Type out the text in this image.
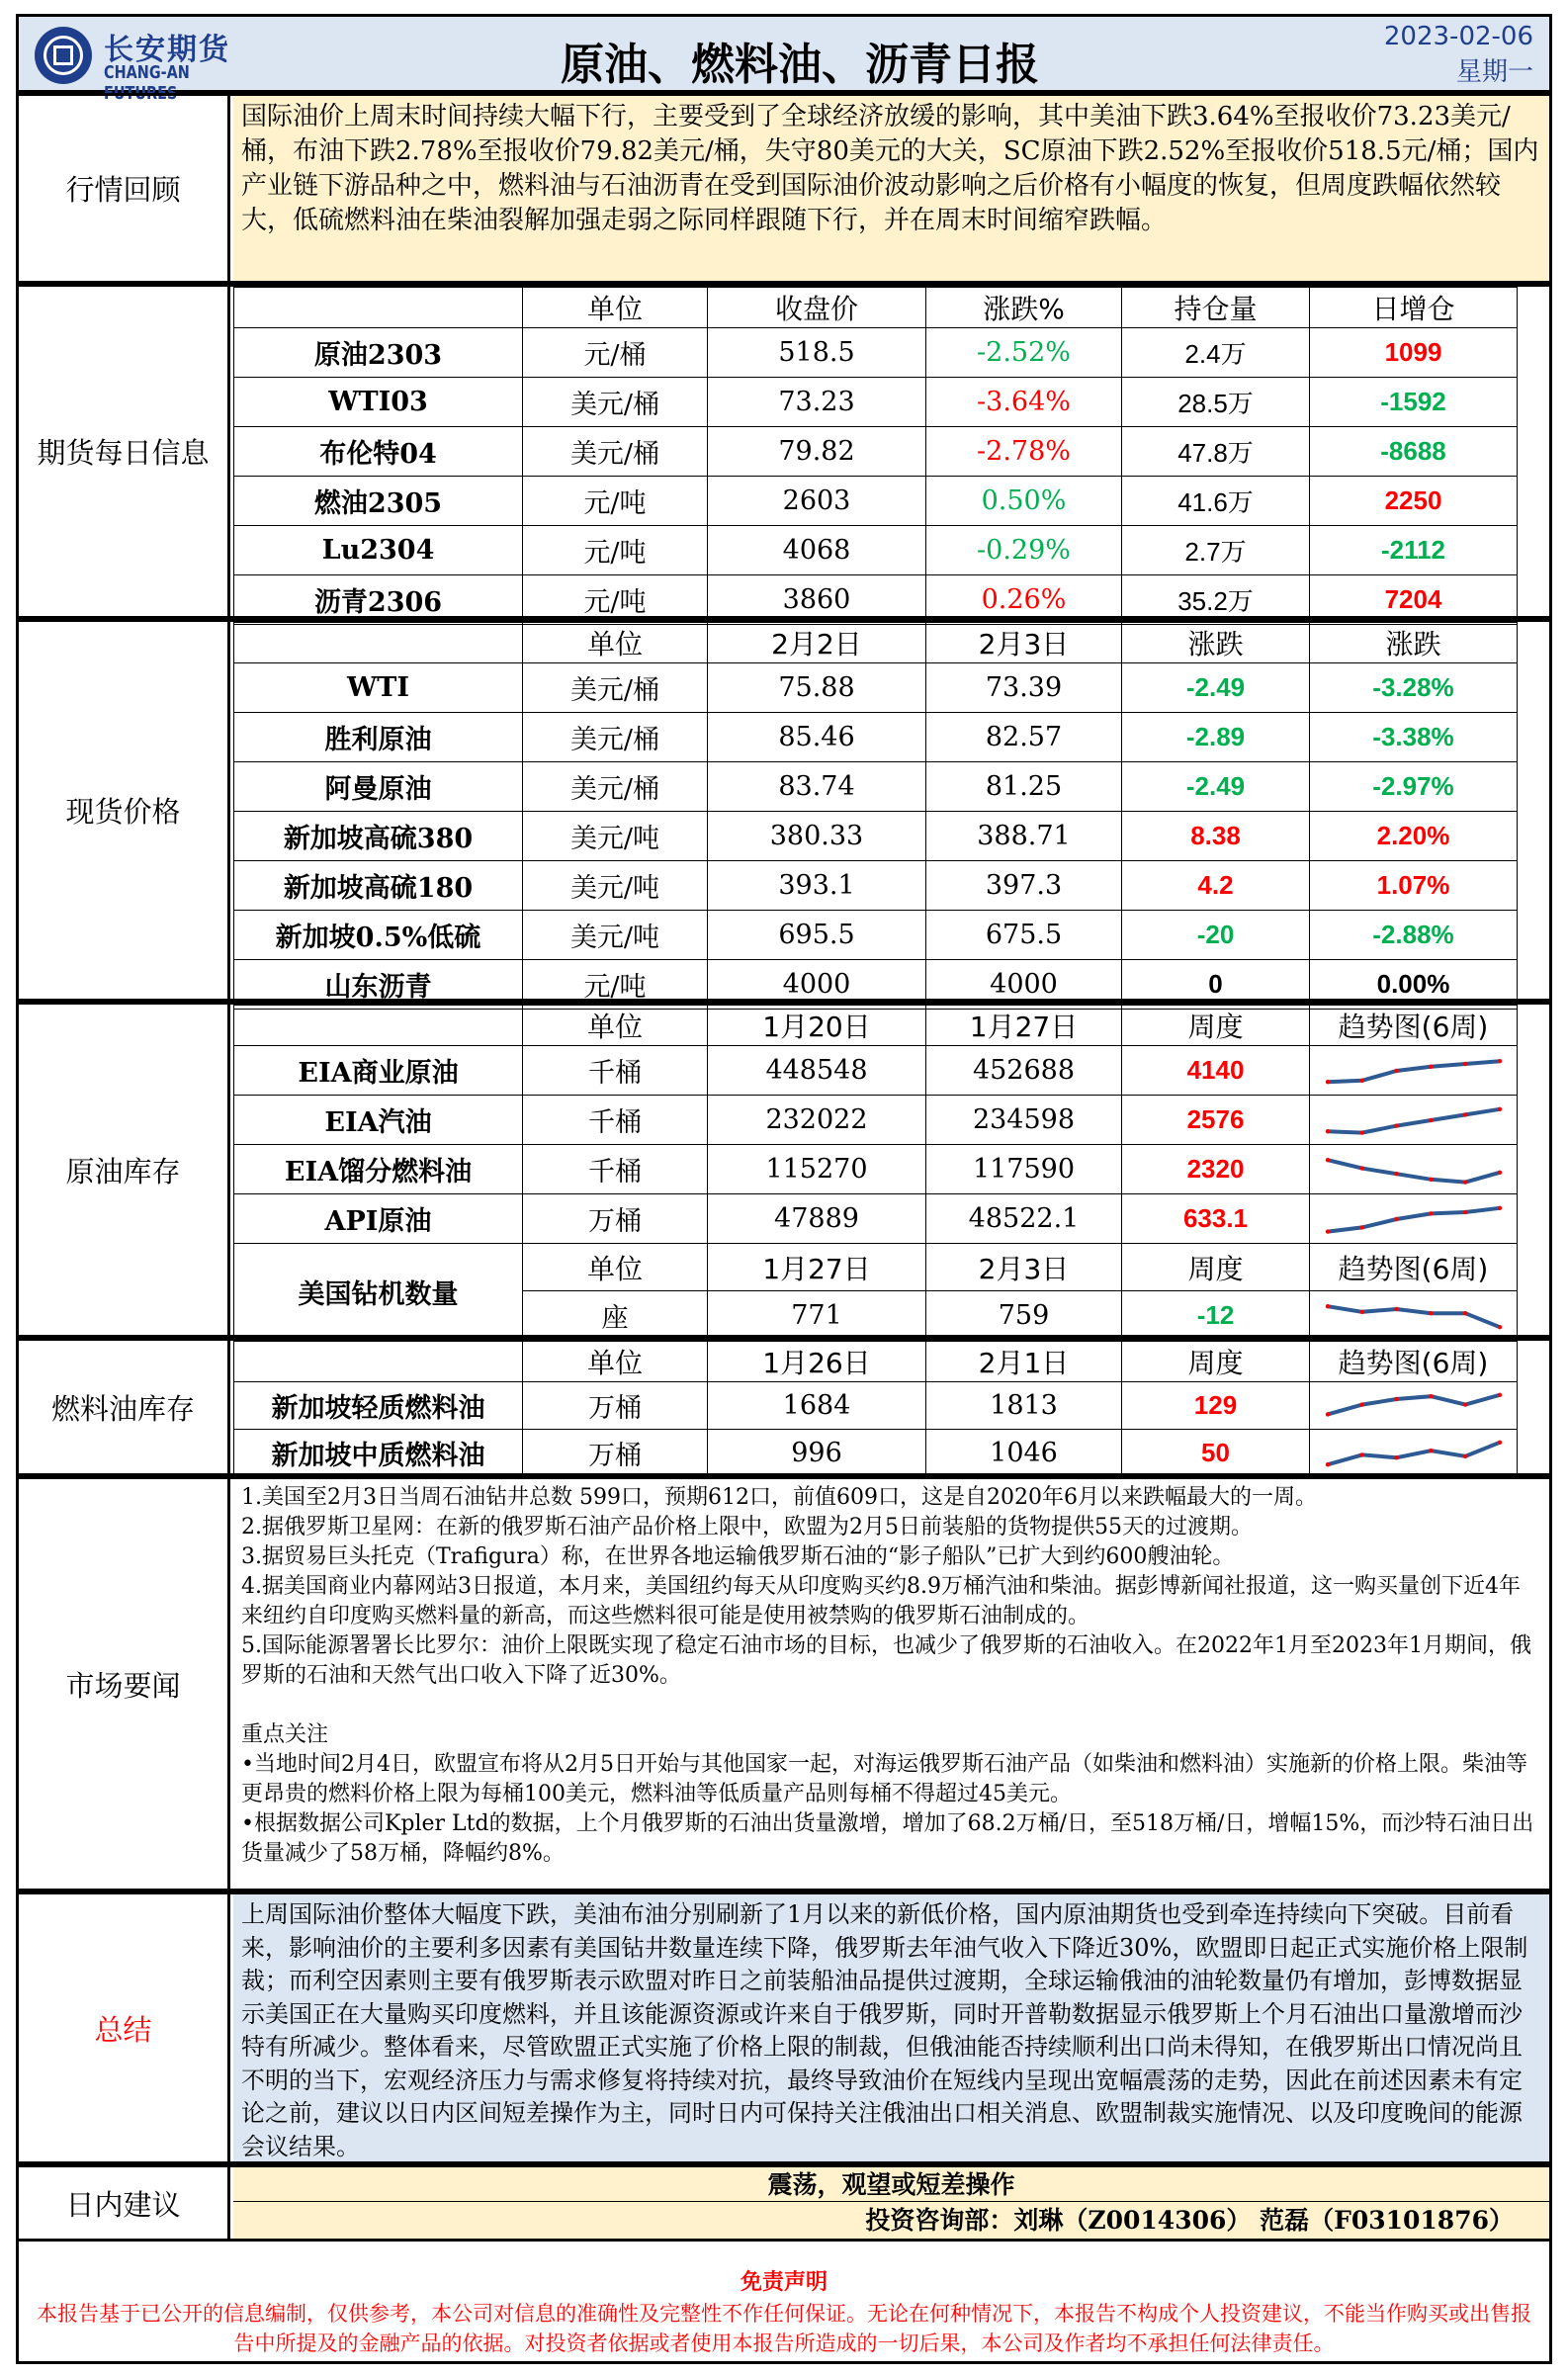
长安期货
CHANG-AN FUTURES
原油、燃料油、沥青日报
2023-02-06
星期一
行情回顾
国际油价上周末时间持续大幅下行，主要受到了全球经济放缓的影响，其中美油下跌3.64%至报收价73.23美元/桶，布油下跌2.78%至报收价79.82美元/桶，失守80美元的大关，SC原油下跌2.52%至报收价518.5元/桶；国内产业链下游品种之中，燃料油与石油沥青在受到国际油价波动影响之后价格有小幅度的恢复，但周度跌幅依然较大，低硫燃料油在柴油裂解加强走弱之际同样跟随下行，并在周末时间缩窄跌幅。
期货每日信息
	单位	收盘价	涨跌%	持仓量	日增仓
原油2303	元/桶	518.5	-2.52%	2.4万	1099
WTI03	美元/桶	73.23	-3.64%	28.5万	-1592
布伦特04	美元/桶	79.82	-2.78%	47.8万	-8688
燃油2305	元/吨	2603	0.50%	41.6万	2250
Lu2304	元/吨	4068	-0.29%	2.7万	-2112
沥青2306	元/吨	3860	0.26%	35.2万	7204
现货价格
	单位	2月2日	2月3日	涨跌	涨跌
WTI	美元/桶	75.88	73.39	-2.49	-3.28%
胜利原油	美元/桶	85.46	82.57	-2.89	-3.38%
阿曼原油	美元/桶	83.74	81.25	-2.49	-2.97%
新加坡高硫380	美元/吨	380.33	388.71	8.38	2.20%
新加坡高硫180	美元/吨	393.1	397.3	4.2	1.07%
新加坡0.5%低硫	美元/吨	695.5	675.5	-20	-2.88%
山东沥青	元/吨	4000	4000	0	0.00%
原油库存
	单位	1月20日	1月27日	周度	趋势图(6周)
EIA商业原油	千桶	448548	452688	4140	

EIA汽油	千桶	232022	234598	2576	

EIA馏分燃料油	千桶	115270	117590	2320	

API原油	万桶	47889	48522.1	633.1	

美国钻机数量	单位	1月27日	2月3日	周度	趋势图(6周)
	座	771	759	-12	
燃料油库存
	单位	1月26日	2月1日	周度	趋势图(6周)
新加坡轻质燃料油	万桶	1684	1813	129	

新加坡中质燃料油	万桶	996	1046	50	
市场要闻
1.美国至2月3日当周石油钻井总数 599口，预期612口，前值609口，这是自2020年6月以来跌幅最大的一周。
2.据俄罗斯卫星网：在新的俄罗斯石油产品价格上限中，欧盟为2月5日前装船的货物提供55天的过渡期。
3.据贸易巨头托克（Trafigura）称，在世界各地运输俄罗斯石油的“影子船队”已扩大到约600艘油轮。
4.据美国商业内幕网站3日报道，本月来，美国纽约每天从印度购买约8.9万桶汽油和柴油。据彭博新闻社报道，这一购买量创下近4年来纽约自印度购买燃料量的新高，而这些燃料很可能是使用被禁购的俄罗斯石油制成的。
5.国际能源署署长比罗尔：油价上限既实现了稳定石油市场的目标，也减少了俄罗斯的石油收入。在2022年1月至2023年1月期间，俄罗斯的石油和天然气出口收入下降了近30%。
重点关注
•当地时间2月4日，欧盟宣布将从2月5日开始与其他国家一起，对海运俄罗斯石油产品（如柴油和燃料油）实施新的价格上限。柴油等更昂贵的燃料价格上限为每桶100美元，燃料油等低质量产品则每桶不得超过45美元。
•根据数据公司Kpler Ltd的数据，上个月俄罗斯的石油出货量激增，增加了68.2万桶/日，至518万桶/日，增幅15%，而沙特石油日出货量减少了58万桶，降幅约8%。
总结
上周国际油价整体大幅度下跌，美油布油分别刷新了1月以来的新低价格，国内原油期货也受到牵连持续向下突破。目前看来，影响油价的主要利多因素有美国钻井数量连续下降，俄罗斯去年油气收入下降近30%，欧盟即日起正式实施价格上限制裁；而利空因素则主要有俄罗斯表示欧盟对昨日之前装船油品提供过渡期，全球运输俄油的油轮数量仍有增加，彭博数据显示美国正在大量购买印度燃料，并且该能源资源或许来自于俄罗斯，同时开普勒数据显示俄罗斯上个月石油出口量激增而沙特有所减少。整体看来，尽管欧盟正式实施了价格上限的制裁，但俄油能否持续顺利出口尚未得知，在俄罗斯出口情况尚且不明的当下，宏观经济压力与需求修复将持续对抗，最终导致油价在短线内呈现出宽幅震荡的走势，因此在前述因素未有定论之前，建议以日内区间短差操作为主，同时日内可保持关注俄油出口相关消息、欧盟制裁实施情况、以及印度晚间的能源会议结果。
日内建议
震荡，观望或短差操作
投资咨询部：刘琳（Z0014306） 范磊（F03101876）
免责声明
本报告基于已公开的信息编制，仅供参考，本公司对信息的准确性及完整性不作任何保证。无论在何种情况下，本报告不构成个人投资建议，不能当作购买或出售报告中所提及的金融产品的依据。对投资者依据或者使用本报告所造成的一切后果，本公司及作者均不承担任何法律责任。
